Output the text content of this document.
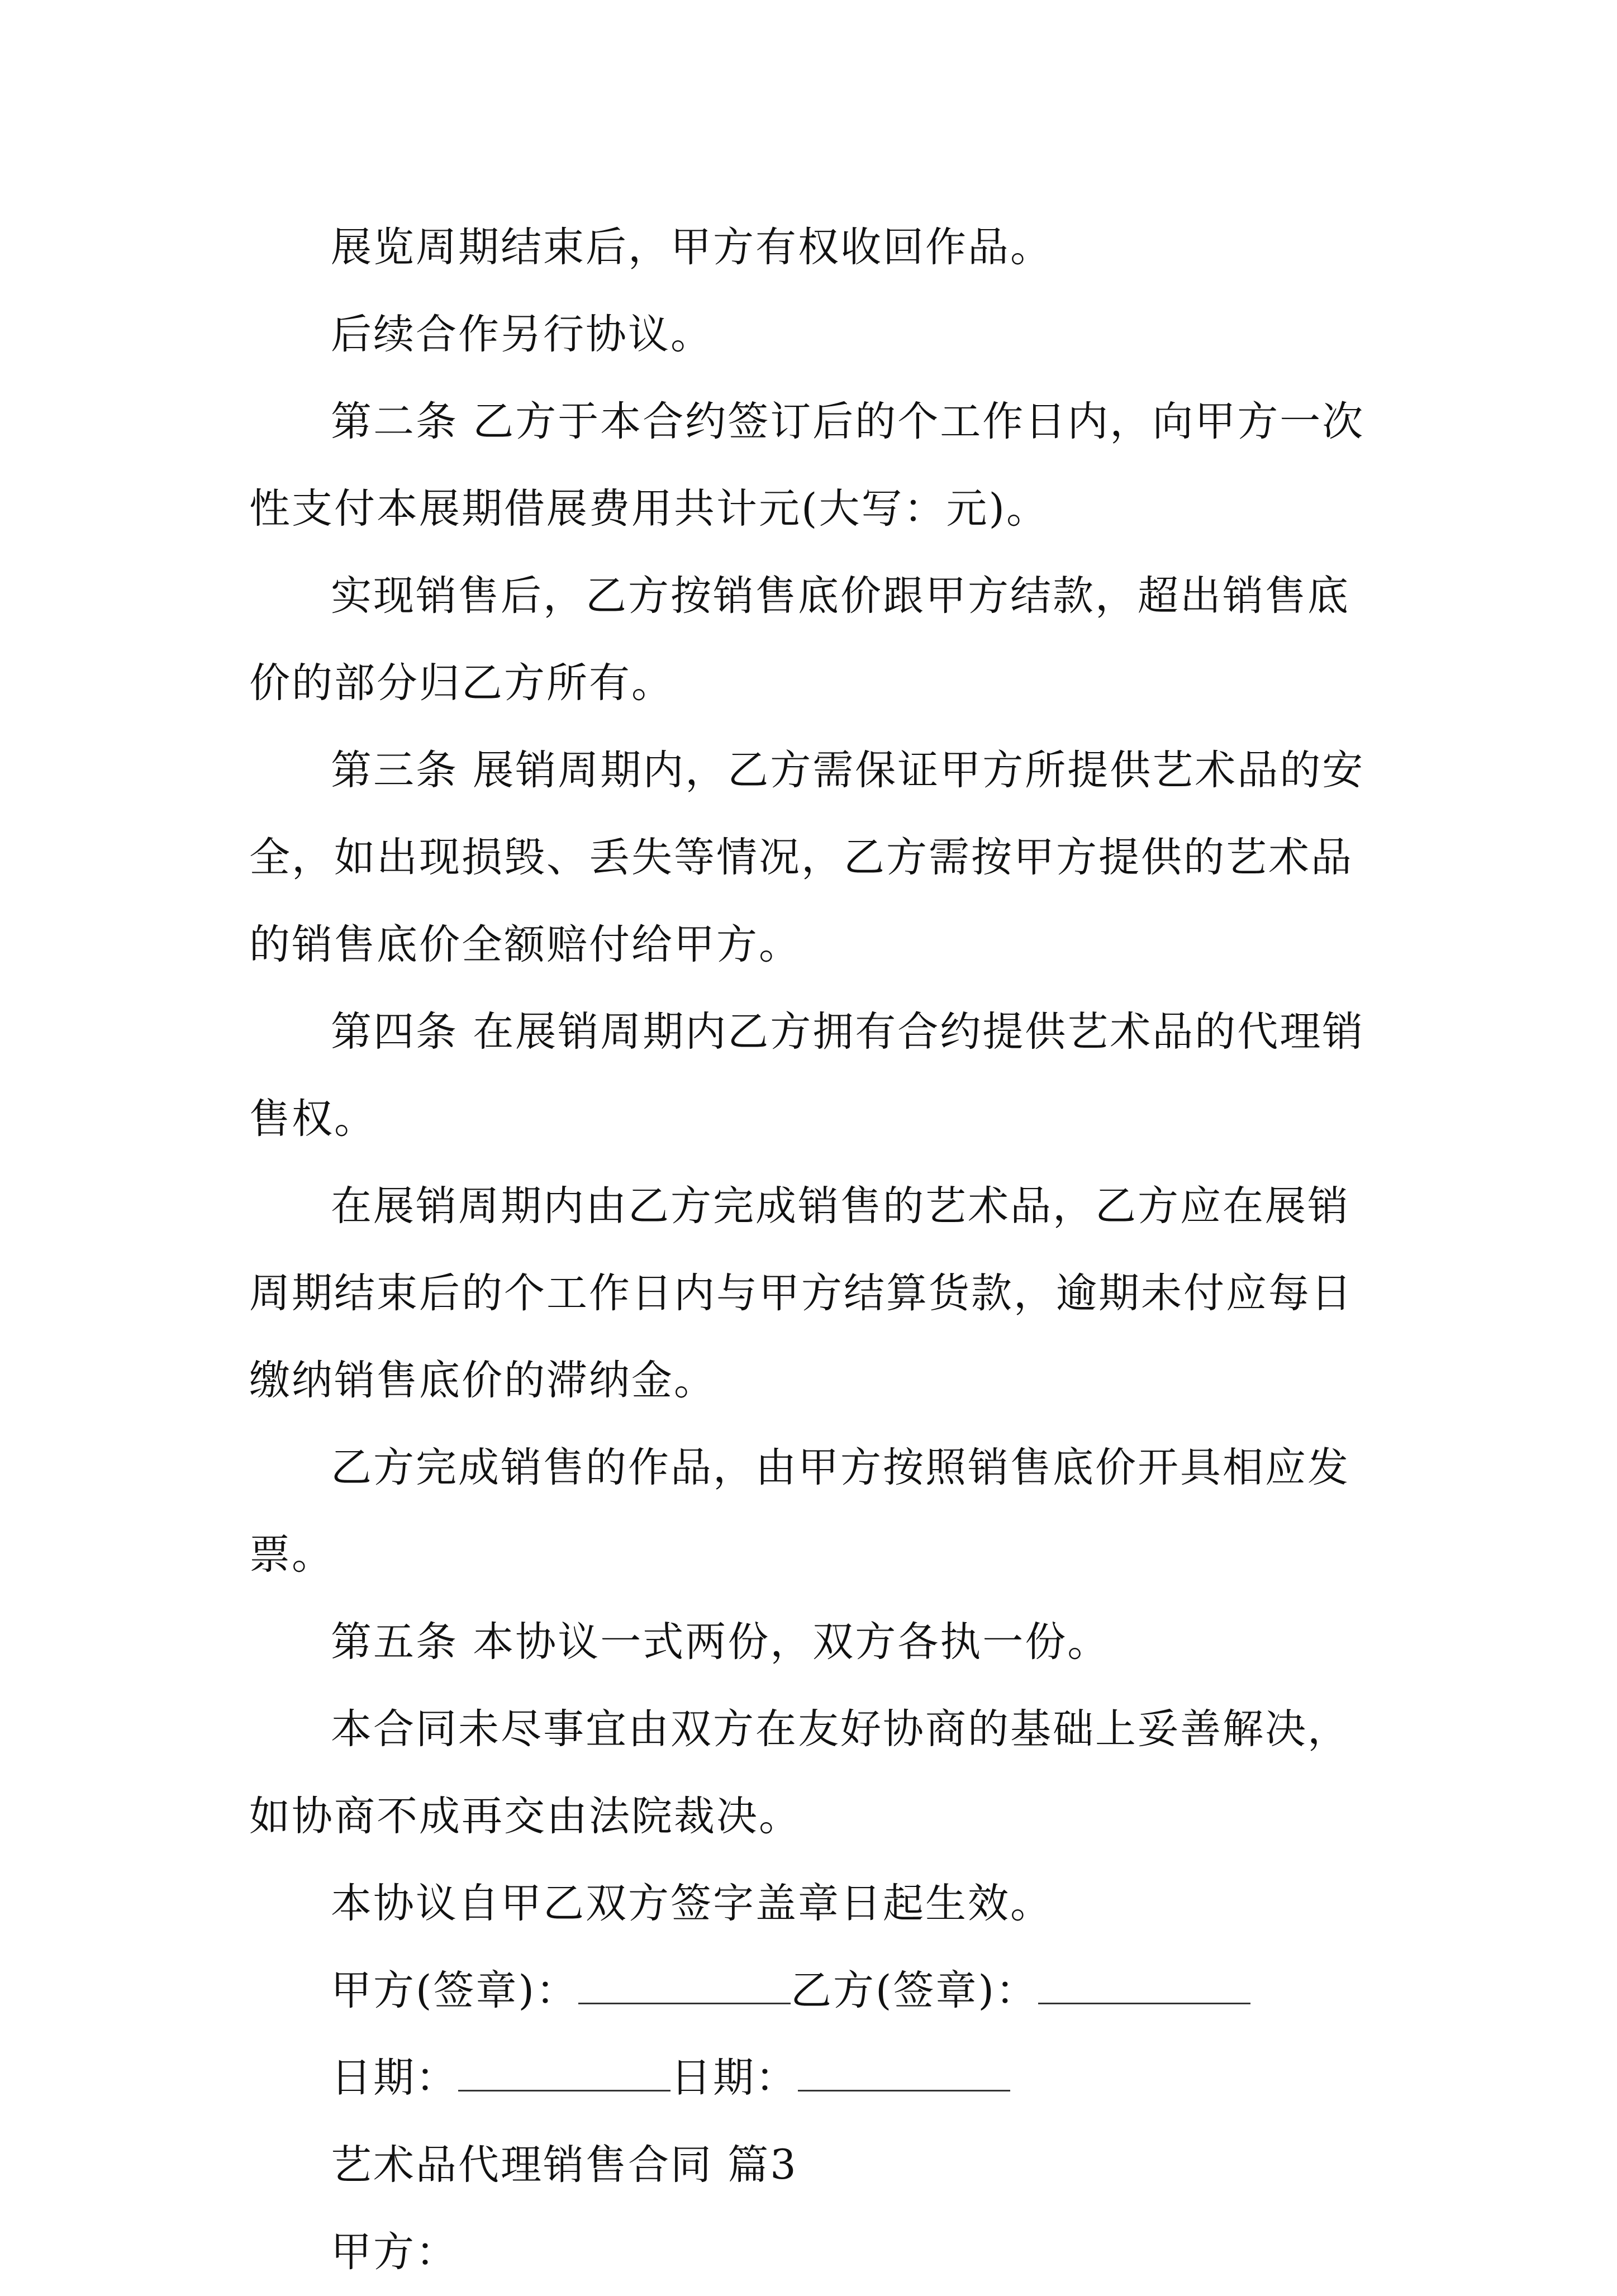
展览周期结束后，甲方有权收回作品。

后续合作另行协议。

第二条 乙方于本合约签订后的个工作日内，向甲方一次性支付本展期借展费用共计元(大写：元)。

实现销售后，乙方按销售底价跟甲方结款，超出销售底价的部分归乙方所有。

第三条 展销周期内，乙方需保证甲方所提供艺术品的安全，如出现损毁、丢失等情况，乙方需按甲方提供的艺术品的销售底价全额赔付给甲方。

第四条 在展销周期内乙方拥有合约提供艺术品的代理销售权。

在展销周期内由乙方完成销售的艺术品，乙方应在展销周期结束后的个工作日内与甲方结算货款，逾期未付应每日缴纳销售底价的滞纳金。

乙方完成销售的作品，由甲方按照销售底价开具相应发票。

第五条 本协议一式两份，双方各执一份。

本合同未尽事宜由双方在友好协商的基础上妥善解决，如协商不成再交由法院裁决。

本协议自甲乙双方签字盖章日起生效。

甲方(签章)：	乙方(签章)：
日期：	日期：
艺术品代理销售合同 篇3
甲方：
